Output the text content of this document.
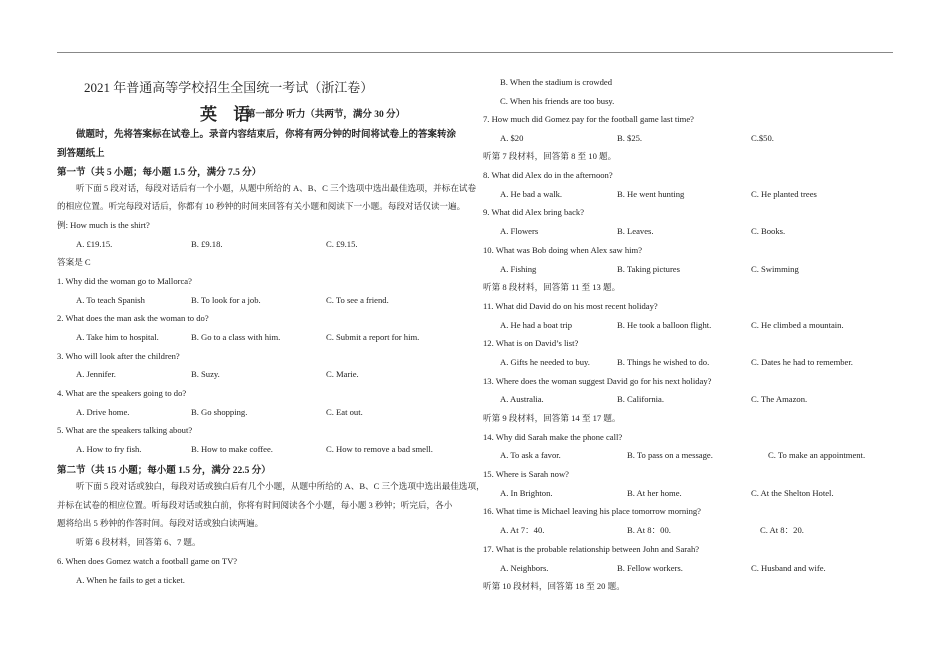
2021 年普通高等学校招生全国统一考试（浙江卷）
英 语
第一部分 听力（共两节，满分 30 分）
做题时，先将答案标在试卷上。录音内容结束后，你将有两分钟的时间将试卷上的答案转涂
到答题纸上
第一节（共 5 小题；每小题 1.5 分，满分 7.5 分）
听下面 5 段对话，每段对话后有一个小题，从题中所给的 A、B、C 三个选项中选出最佳选项，并标在试卷
的相应位置。听完每段对话后，你都有 10 秒钟的时间来回答有关小题和阅读下一小题。每段对话仅读一遍。
例: How much is the shirt?
A. £19.15.	B. £9.18.	C. £9.15.
答案是 C
1. Why did the woman go to Mallorca?
A. To teach Spanish	B. To look for a job.	C. To see a friend.
2. What does the man ask the woman to do?
A. Take him to hospital.	B. Go to a class with him.	C. Submit a report for him.
3. Who will look after the children?
A. Jennifer.	B. Suzy.	C. Marie.
4. What are the speakers going to do?
A. Drive home.	B. Go shopping.	C. Eat out.
5. What are the speakers talking about?
A. How to fry fish.	B. How to make coffee.	C. How to remove a bad smell.
第二节（共 15 小题；每小题 1.5 分，满分 22.5 分）
听下面 5 段对话或独白，每段对话或独白后有几个小题，从题中所给的 A、B、C 三个选项中选出最佳选项，
并标在试卷的相应位置。听每段对话或独白前，你将有时间阅读各个小题，每小题 3 秒钟；听完后，各小
题将给出 5 秒钟的作答时间。每段对话或独白读两遍。
听第 6 段材料，回答第 6、7 题。
6. When does Gomez watch a football game on TV?
A. When he fails to get a ticket.
B. When the stadium is crowded
C. When his friends are too busy.
7. How much did Gomez pay for the football game last time?
A. $20	B. $25.	C.$50.
听第 7 段材料，回答第 8 至 10 题。
8. What did Alex do in the afternoon?
A. He bad a walk.	B. He went hunting	C. He planted trees
9. What did Alex bring back?
A. Flowers	B. Leaves.	C. Books.
10. What was Bob doing when Alex saw him?
A. Fishing	B. Taking pictures	C. Swimming
听第 8 段材料，回答第 11 至 13 题。
11. What did David do on his most recent holiday?
A. He had a boat trip	B. He took a balloon flight.	C. He climbed a mountain.
12. What is on David’s list?
A. Gifts he needed to buy.	B. Things he wished to do.	C. Dates he had to remember.
13. Where does the woman suggest David go for his next holiday?
A. Australia.	B. California.	C. The Amazon.
听第 9 段材料，回答第 14 至 17 题。
14. Why did Sarah make the phone call?
A. To ask a favor.	B. To pass on a message.	C. To make an appointment.
15. Where is Sarah now?
A. In Brighton.	B. At her home.	C. At the Shelton Hotel.
16. What time is Michael leaving his place tomorrow morning?
A. At 7：40.	B. At 8：00.	C. At 8：20.
17. What is the probable relationship between John and Sarah?
A. Neighbors.	B. Fellow workers.	C. Husband and wife.
听第 10 段材料，回答第 18 至 20 题。
